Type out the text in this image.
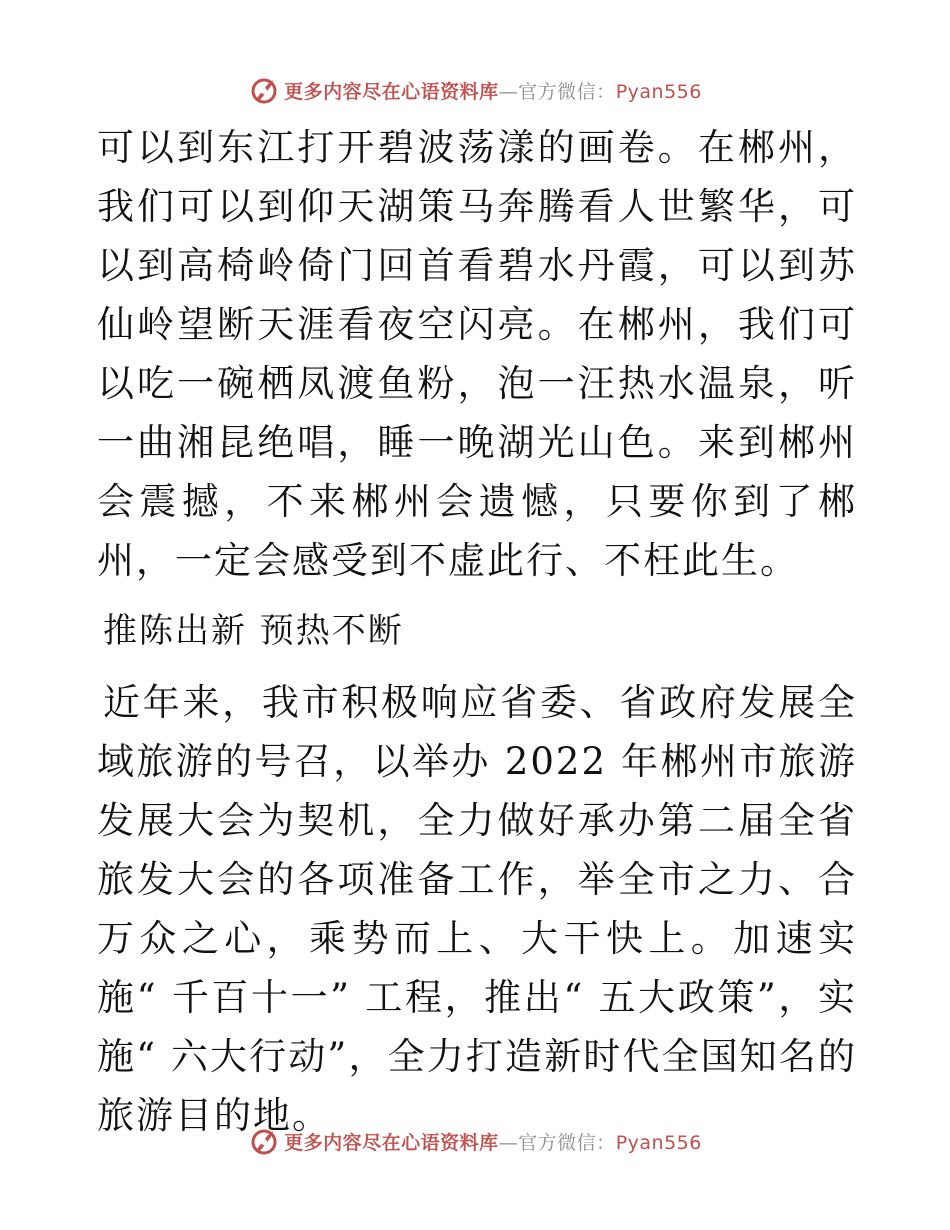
更多内容尽在心语资料库—官方微信：Pyan556

可以到东江打开碧波荡漾的画卷。在郴州，我们可以到仰天湖策马奔腾看人世繁华，可以到高椅岭倚门回首看碧水丹霞，可以到苏仙岭望断天涯看夜空闪亮。在郴州，我们可以吃一碗栖凤渡鱼粉，泡一汪热水温泉，听一曲湘昆绝唱，睡一晚湖光山色。来到郴州会震撼，不来郴州会遗憾，只要你到了郴州，一定会感受到不虚此行、不枉此生。

推陈出新 预热不断

近年来，我市积极响应省委、省政府发展全域旅游的号召，以举办 2022 年郴州市旅游发展大会为契机，全力做好承办第二届全省旅发大会的各项准备工作，举全市之力、合万众之心，乘势而上、大干快上。加速实施“ 千百十一” 工程，推出“ 五大政策”，实施“ 六大行动”，全力打造新时代全国知名的旅游目的地。

更多内容尽在心语资料库—官方微信：Pyan556
